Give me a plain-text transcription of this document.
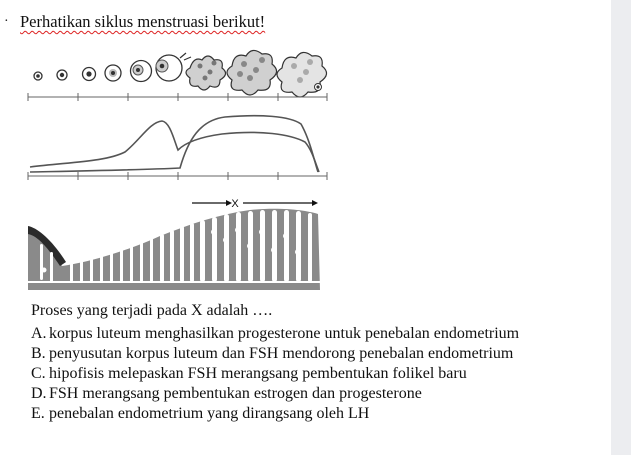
· Perhatikan siklus menstruasi berikut!
X
Proses yang terjadi pada X adalah ….
A. korpus luteum menghasilkan progesterone untuk penebalan endometrium
B. penyusutan korpus luteum dan FSH mendorong penebalan endometrium
C. hipofisis melepaskan FSH merangsang pembentukan folikel baru
D. FSH merangsang pembentukan estrogen dan progesterone
E. penebalan endometrium yang dirangsang oleh LH
